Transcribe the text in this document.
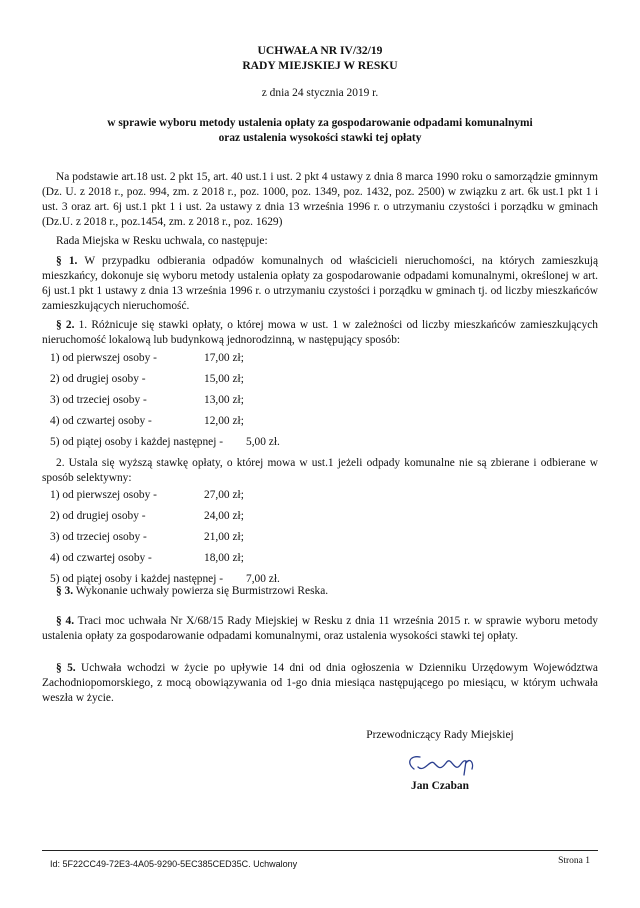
UCHWAŁA NR IV/32/19
RADY MIEJSKIEJ W RESKU
z dnia 24 stycznia 2019 r.
w sprawie wyboru metody ustalenia opłaty za gospodarowanie odpadami komunalnymi
oraz ustalenia wysokości stawki tej opłaty
Na podstawie art.18 ust. 2 pkt 15, art. 40 ust.1 i ust. 2 pkt 4 ustawy z dnia 8 marca 1990 roku o samorządzie gminnym (Dz. U. z 2018 r., poz. 994, zm. z 2018 r., poz. 1000, poz. 1349, poz. 1432, poz. 2500) w związku z art. 6k ust.1 pkt 1 i ust. 3 oraz art. 6j ust.1 pkt 1 i ust. 2a ustawy z dnia 13 września 1996 r. o utrzymaniu czystości i porządku w gminach (Dz.U. z 2018 r., poz.1454, zm. z 2018 r., poz. 1629)
Rada Miejska w Resku uchwala, co następuje:
§ 1. W przypadku odbierania odpadów komunalnych od właścicieli nieruchomości, na których zamieszkują mieszkańcy, dokonuje się wyboru metody ustalenia opłaty za gospodarowanie odpadami komunalnymi, określonej w art. 6j ust.1 pkt 1 ustawy z dnia 13 września 1996 r. o utrzymaniu czystości i porządku w gminach tj. od liczby mieszkańców zamieszkujących nieruchomość.
§ 2. 1. Różnicuje się stawki opłaty, o której mowa w ust. 1 w zależności od liczby mieszkańców zamieszkujących nieruchomość lokalową lub budynkową jednorodzinną, w następujący sposób:
1) od pierwszej osoby -	17,00 zł;
2) od drugiej osoby -	15,00 zł;
3) od trzeciej osoby -	13,00 zł;
4) od czwartej osoby -	12,00 zł;
5) od piątej osoby i każdej następnej - 5,00 zł.
2. Ustala się wyższą stawkę opłaty, o której mowa w ust.1 jeżeli odpady komunalne nie są zbierane i odbierane w sposób selektywny:
1) od pierwszej osoby -	27,00 zł;
2) od drugiej osoby -	24,00 zł;
3) od trzeciej osoby -	21,00 zł;
4) od czwartej osoby -	18,00 zł;
5) od piątej osoby i każdej następnej - 7,00 zł.
§ 3. Wykonanie uchwały powierza się Burmistrzowi Reska.
§ 4. Traci moc uchwała Nr X/68/15 Rady Miejskiej w Resku z dnia 11 września 2015 r. w sprawie wyboru metody ustalenia opłaty za gospodarowanie odpadami komunalnymi, oraz ustalenia wysokości stawki tej opłaty.
§ 5. Uchwała wchodzi w życie po upływie 14 dni od dnia ogłoszenia w Dzienniku Urzędowym Województwa Zachodniopomorskiego, z mocą obowiązywania od 1-go dnia miesiąca następującego po miesiącu, w którym uchwała weszła w życie.
Przewodniczący Rady Miejskiej
Jan Czaban
Id: 5F22CC49-72E3-4A05-9290-5EC385CED35C. Uchwalony	Strona 1
